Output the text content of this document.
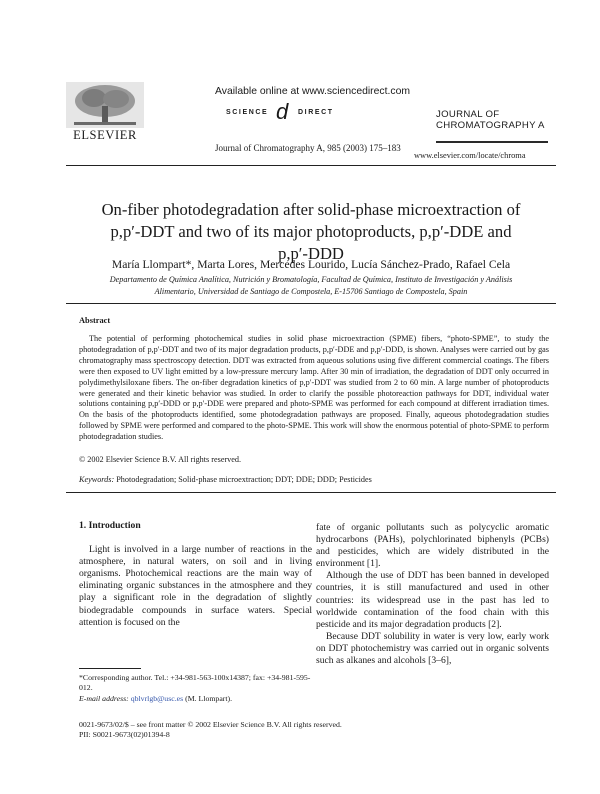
ELSEVIER
Available online at www.sciencedirect.com
SCIENCE d DIRECT
Journal of Chromatography A, 985 (2003) 175–183
JOURNAL OF
CHROMATOGRAPHY A
www.elsevier.com/locate/chroma
On-fiber photodegradation after solid-phase microextraction of
p,p′-DDT and two of its major photoproducts, p,p′-DDE and
p,p′-DDD
María Llompart*, Marta Lores, Mercedes Lourido, Lucía Sánchez-Prado, Rafael Cela
Departamento de Química Analítica, Nutrición y Bromatología, Facultad de Química, Instituto de Investigación y Análisis
Alimentario, Universidad de Santiago de Compostela, E-15706 Santiago de Compostela, Spain
Abstract
The potential of performing photochemical studies in solid phase microextraction (SPME) fibers, “photo-SPME”, to study the photodegradation of p,p′-DDT and two of its major degradation products, p,p′-DDE and p,p′-DDD, is shown. Analyses were carried out by gas chromatography mass spectroscopy detection. DDT was extracted from aqueous solutions using five different commercial coatings. The fibers were then exposed to UV light emitted by a low-pressure mercury lamp. After 30 min of irradiation, the degradation of DDT only occurred in polydimethylsiloxane fibers. The on-fiber degradation kinetics of p,p′-DDT was studied from 2 to 60 min. A large number of photoproducts were generated and their kinetic behavior was studied. In order to clarify the possible photoreaction pathways for DDT, individual water solutions containing p,p′-DDD or p,p′-DDE were prepared and photo-SPME was performed for each compound at different irradiation times. On the basis of the photoproducts identified, some photodegradation pathways are proposed. Finally, aqueous photodegradation studies followed by SPME were performed and compared to the photo-SPME. This work will show the enormous potential of photo-SPME to perform photodegradation studies.
© 2002 Elsevier Science B.V. All rights reserved.
Keywords: Photodegradation; Solid-phase microextraction; DDT; DDE; DDD; Pesticides
1. Introduction
Light is involved in a large number of reactions in the atmosphere, in natural waters, on soil and in living organisms. Photochemical reactions are the main way of eliminating organic substances in the atmosphere and they play a significant role in the degradation of slightly biodegradable compounds in surface waters. Special attention is focused on the
fate of organic pollutants such as polycyclic aromatic hydrocarbons (PAHs), polychlorinated biphenyls (PCBs) and pesticides, which are widely distributed in the environment [1].
Although the use of DDT has been banned in developed countries, it is still manufactured and used in other countries: its widespread use in the past has led to worldwide contamination of the food chain with this pesticide and its major degradation products [2].
Because DDT solubility in water is very low, early work on DDT photochemistry was carried out in organic solvents such as alkanes and alcohols [3–6],
*Corresponding author. Tel.: +34-981-563-100x14387; fax: +34-981-595-012.
E-mail address: qblvrlgb@usc.es (M. Llompart).
0021-9673/02/$ – see front matter © 2002 Elsevier Science B.V. All rights reserved.
PII: S0021-9673(02)01394-8
